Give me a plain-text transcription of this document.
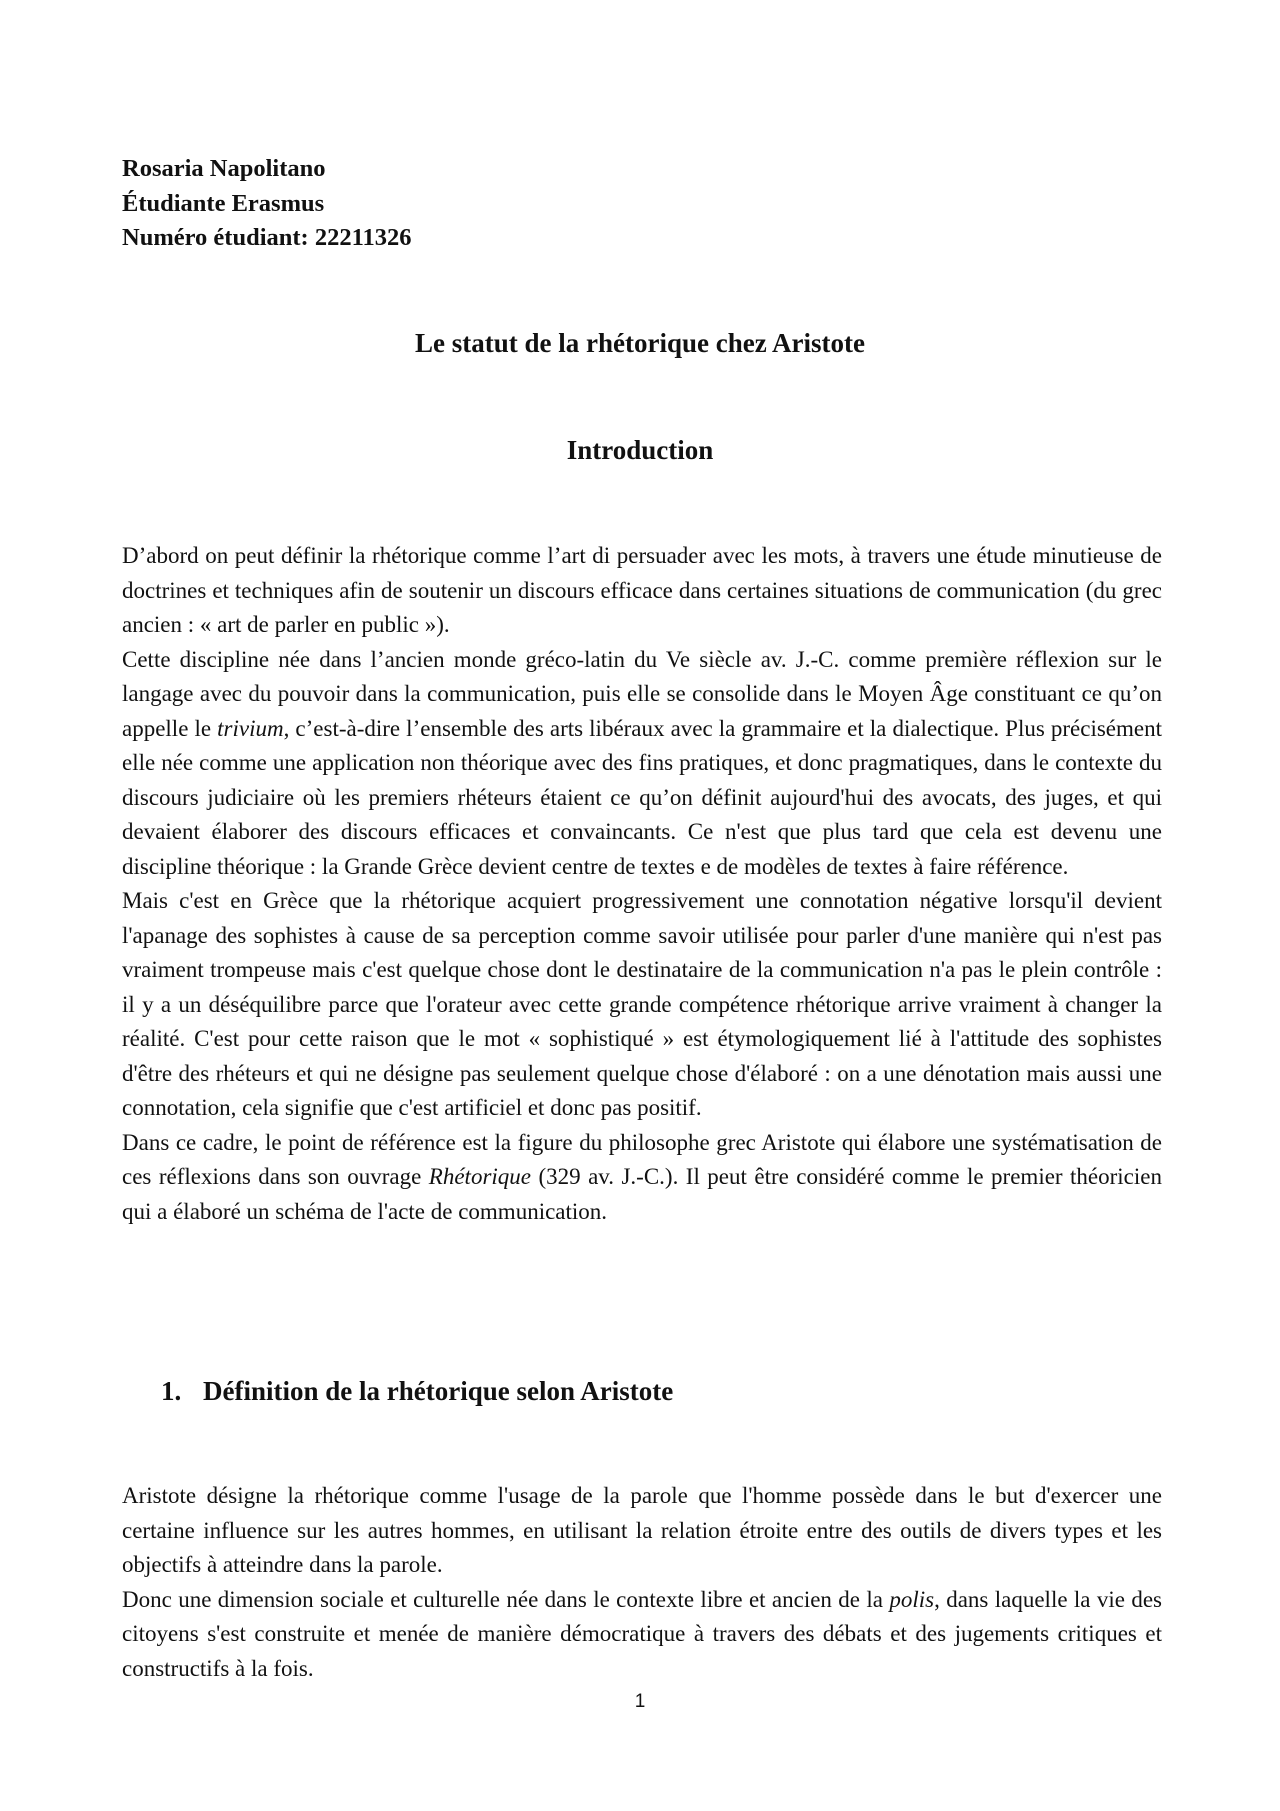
Rosaria Napolitano
Étudiante Erasmus
Numéro étudiant: 22211326
Le statut de la rhétorique chez Aristote
Introduction

D’abord on peut définir la rhétorique comme l’art di persuader avec les mots, à travers une étude minutieuse de doctrines et techniques afin de soutenir un discours efficace dans certaines situations de communication (du grec ancien : « art de parler en public »).

Cette discipline née dans l’ancien monde gréco-latin du Ve siècle av. J.-C. comme première réflexion sur le langage avec du pouvoir dans la communication, puis elle se consolide dans le Moyen Âge constituant ce qu’on appelle le trivium, c’est-à-dire l’ensemble des arts libéraux avec la grammaire et la dialectique. Plus précisément elle née comme une application non théorique avec des fins pratiques, et donc pragmatiques, dans le contexte du discours judiciaire où les premiers rhéteurs étaient ce qu’on définit aujourd'hui des avocats, des juges, et qui devaient élaborer des discours efficaces et convaincants. Ce n'est que plus tard que cela est devenu une discipline théorique : la Grande Grèce devient centre de textes e de modèles de textes à faire référence.

Mais c'est en Grèce que la rhétorique acquiert progressivement une connotation négative lorsqu'il devient l'apanage des sophistes à cause de sa perception comme savoir utilisée pour parler d'une manière qui n'est pas vraiment trompeuse mais c'est quelque chose dont le destinataire de la communication n'a pas le plein contrôle : il y a un déséquilibre parce que l'orateur avec cette grande compétence rhétorique arrive vraiment à changer la réalité. C'est pour cette raison que le mot « sophistiqué » est étymologiquement lié à l'attitude des sophistes d'être des rhéteurs et qui ne désigne pas seulement quelque chose d'élaboré : on a une dénotation mais aussi une connotation, cela signifie que c'est artificiel et donc pas positif.

Dans ce cadre, le point de référence est la figure du philosophe grec Aristote qui élabore une systématisation de ces réflexions dans son ouvrage Rhétorique (329 av. J.-C.). Il peut être considéré comme le premier théoricien qui a élaboré un schéma de l'acte de communication.

1. Définition de la rhétorique selon Aristote

Aristote désigne la rhétorique comme l'usage de la parole que l'homme possède dans le but d'exercer une certaine influence sur les autres hommes, en utilisant la relation étroite entre des outils de divers types et les objectifs à atteindre dans la parole.

Donc une dimension sociale et culturelle née dans le contexte libre et ancien de la polis, dans laquelle la vie des citoyens s'est construite et menée de manière démocratique à travers des débats et des jugements critiques et constructifs à la fois.

1
